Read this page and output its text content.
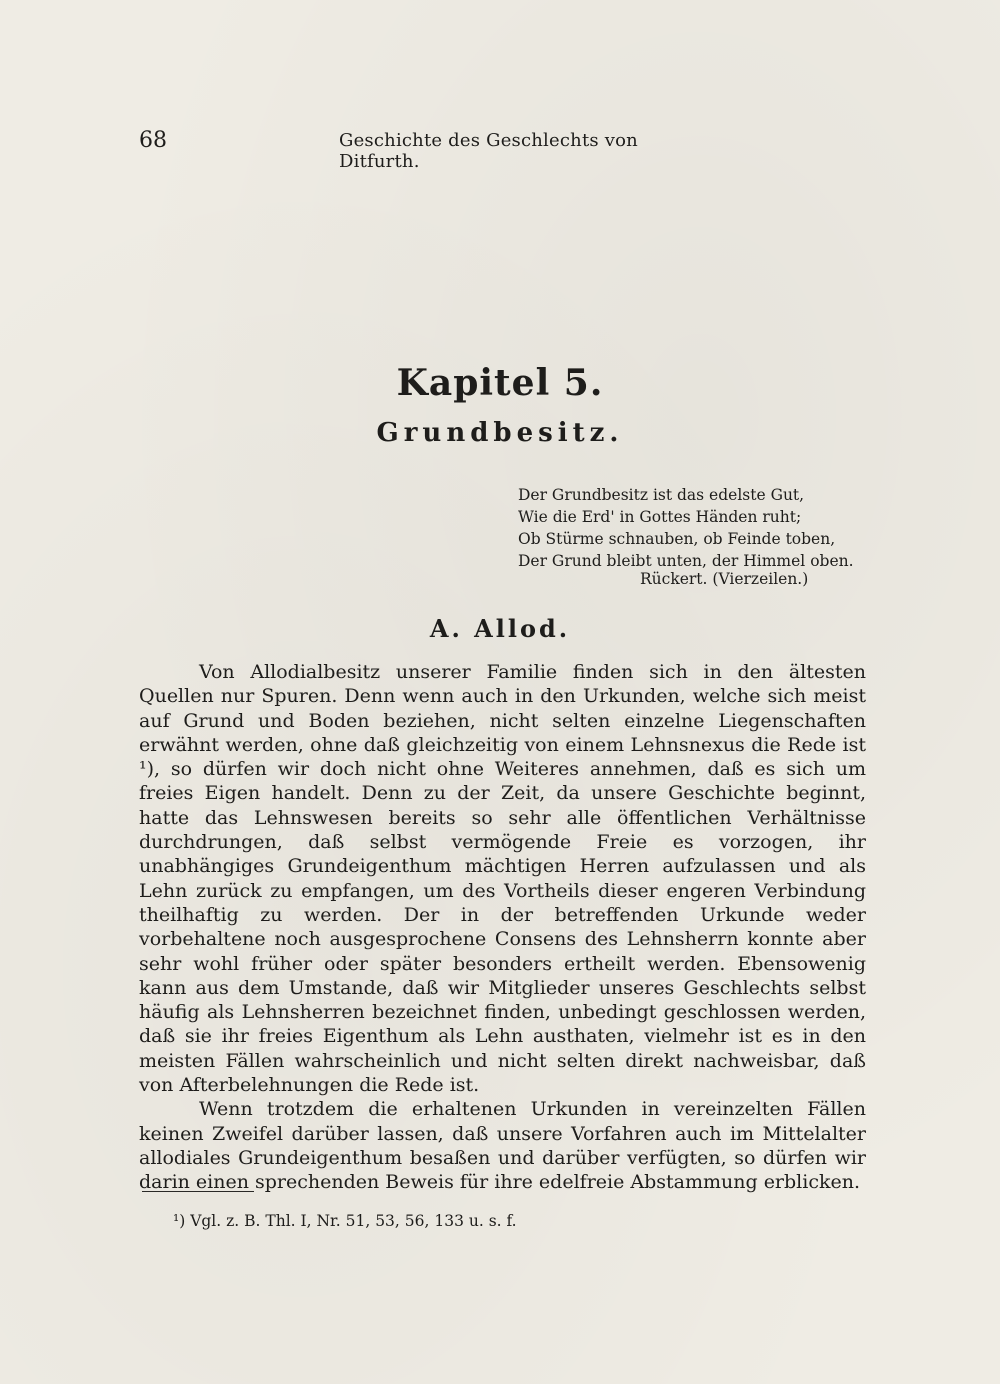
68	Geschichte des Geschlechts von Ditfurth.
Kapitel 5.
Grundbesitz.
Der Grundbesitz ist das edelste Gut,
Wie die Erd' in Gottes Händen ruht;
Ob Stürme schnauben, ob Feinde toben,
Der Grund bleibt unten, der Himmel oben.
Rückert. (Vierzeilen.)
A. Allod.

Von Allodialbesitz unserer Familie finden sich in den ältesten Quellen nur Spuren. Denn wenn auch in den Urkunden, welche sich meist auf Grund und Boden beziehen, nicht selten einzelne Liegenschaften erwähnt werden, ohne daß gleichzeitig von einem Lehnsnexus die Rede ist ¹), so dürfen wir doch nicht ohne Weiteres annehmen, daß es sich um freies Eigen handelt. Denn zu der Zeit, da unsere Geschichte beginnt, hatte das Lehnswesen bereits so sehr alle öffentlichen Verhältnisse durchdrungen, daß selbst vermögende Freie es vorzogen, ihr unabhängiges Grundeigenthum mächtigen Herren aufzulassen und als Lehn zurück zu empfangen, um des Vortheils dieser engeren Verbindung theilhaftig zu werden. Der in der betreffenden Urkunde weder vorbehaltene noch ausgesprochene Consens des Lehnsherrn konnte aber sehr wohl früher oder später besonders ertheilt werden. Ebensowenig kann aus dem Umstande, daß wir Mitglieder unseres Geschlechts selbst häufig als Lehnsherren bezeichnet finden, unbedingt geschlossen werden, daß sie ihr freies Eigenthum als Lehn austhaten, vielmehr ist es in den meisten Fällen wahrscheinlich und nicht selten direkt nachweisbar, daß von Afterbelehnungen die Rede ist.

Wenn trotzdem die erhaltenen Urkunden in vereinzelten Fällen keinen Zweifel darüber lassen, daß unsere Vorfahren auch im Mittelalter allodiales Grundeigenthum besaßen und darüber verfügten, so dürfen wir darin einen sprechenden Beweis für ihre edelfreie Abstammung erblicken.

¹) Vgl. z. B. Thl. I, Nr. 51, 53, 56, 133 u. s. f.
